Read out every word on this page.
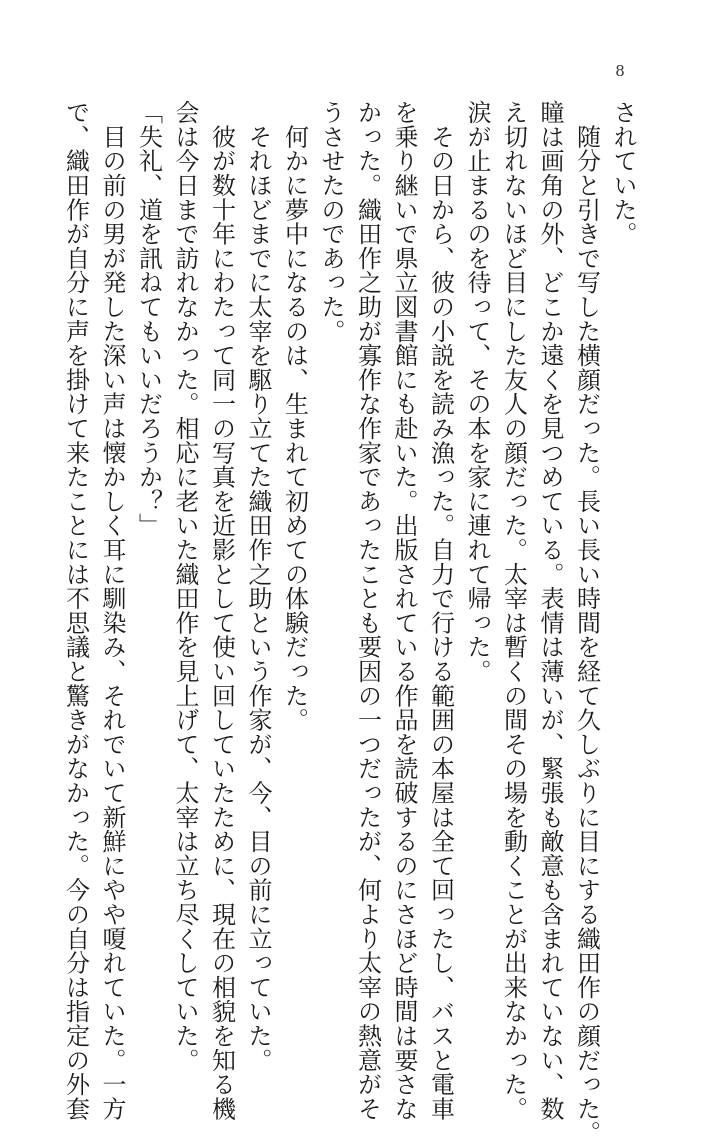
8
されていた。
　随分と引きで写した横顔だった。長い長い時間を経て久しぶりに目にする織田作の顔だった。
瞳は画角の外、どこか遠くを見つめている。表情は薄いが、緊張も敵意も含まれていない、数
え切れないほど目にした友人の顔だった。太宰は暫くの間その場を動くことが出来なかった。
涙が止まるのを待って、その本を家に連れて帰った。
　その日から、彼の小説を読み漁った。自力で行ける範囲の本屋は全て回ったし、バスと電車
を乗り継いで県立図書館にも赴いた。出版されている作品を読破するのにさほど時間は要さな
かった。織田作之助が寡作な作家であったことも要因の一つだったが、何より太宰の熱意がそ
うさせたのであった。
　何かに夢中になるのは、生まれて初めての体験だった。
　それほどまでに太宰を駆り立てた織田作之助という作家が、今、目の前に立っていた。
　彼が数十年にわたって同一の写真を近影として使い回していたために、現在の相貌を知る機
会は今日まで訪れなかった。相応に老いた織田作を見上げて、太宰は立ち尽くしていた。
「失礼、道を訊ねてもいいだろうか？」
　目の前の男が発した深い声は懐かしく耳に馴染み、それでいて新鮮にやや嗄れていた。一方
で、織田作が自分に声を掛けて来たことには不思議と驚きがなかった。今の自分は指定の外套
